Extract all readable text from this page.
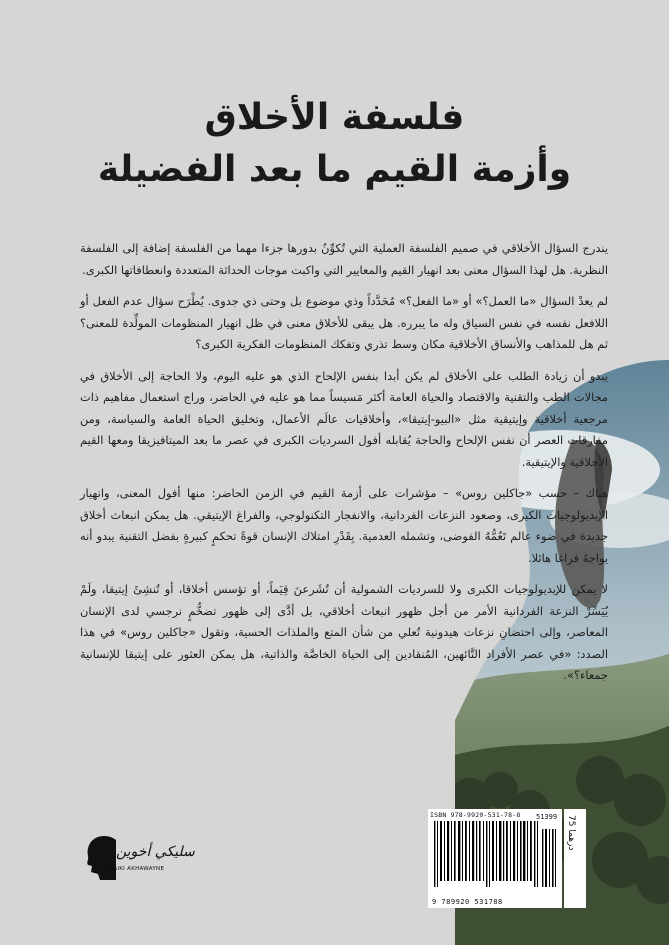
فلسفة الأخلاق
وأزمة القيم ما بعد الفضيلة

يندرج السؤال الأخلاقي في صميم الفلسفة العملية التي تُكوِّنُ بدورها جزءا مهما من الفلسفة إضافة إلى الفلسفة النظرية. هل لهذا السؤال معنى بعد انهيار القيم والمعايير التي واكبت موجات الحداثة المتعددة وانعطافاتها الكبرى.

لم يعدْ السؤال «ما العمل؟» أو «ما الفعل؟» مُحَدَّداً وذي موضوع بل وحتى ذي جدوى. يُطْرَح سؤال عدم الفعل أو اللافعل نفسه في نفس السياق وله ما يبرره. هل يبقى للأخلاق معنى في ظل انهيار المنظومات المولِّدة للمعنى؟ ثم هل للمذاهب والأنساق الأخلاقية مكان وسط تذري وتفكك المنظومات الفكرية الكبرى؟

يبدو أن زيادة الطلب على الأخلاق لم يكن أبدا بنفس الإلحاح الذي هو عليه اليوم، ولا الحاجة إلى الأخلاق في مجالات الطب والتقنية والاقتصاد والحياة العامة أكثر مَسيساً مما هو عليه في الحاضر، وراج استعمال مفاهيم ذات مرجعية أخلاقية وإيتيقية مثل «البيو-إيتيقا»، وأخلاقيات عالَم الأعمال، وتخليق الحياة العامة والسياسة، ومن مفارقات العصر أن نفس الإلحاح والحاجة يُقابله أفول السرديات الكبرى في عصر ما بعد الميتافيزيقا ومعها القيم الأخلاقية والإيتيقية.

هناك – حسب «جاكلين روس» – مؤشرات على أزمة القيم في الزمن الحاضر: منها أفول المعنى، وانهيار الإيديولوجيات الكبرى، وصعود النزعات الفردانية، والانفجار التكنولوجي، والفراغ الإيتيقي. هل يمكن انبعاث أخلاق جديدة في ضوء عالم تَعُمُّهُ الفوضى، وتشمله العدمية. بِقَدْرِ امتلاك الإنسان قوةً تحكمٍ كبيرةٍ بفضل التقنية يبدو أنه يواجهُ فراغا هائلا.

لا يمكن للإيديولوجيات الكبرى ولا للسرديات الشمولية أن تُشَرعنَ قِيَماً، أو تؤسس أخلاقا، أو تُنشِئَ إيتيقا، ولَمْ يُيَسِّرْ النزعة الفردانية الأمر من أجل ظهور انبعاث أخلاقي، بل أدَّى إلى ظهور تضخُّمٍ نرجسي لدى الإنسان المعاصر، وإلى احتضانِ نزعات هيدونية تُعلي من شأن المتع والملذات الحسية، وتقول «جاكلين روس» في هذا الصدد: «في عصر الأفراد التَّائهين، المُنقادين إلى الحياة الخاصَّة والذاتية، هل يمكن العثور على إيتيقا للإنسانية جمعاء؟».

سليكي أخوين
SLAIKI AKHAWAYNE
ISBN 978-9920-531-78-8
9 789920 531788
51399 75 درهما
